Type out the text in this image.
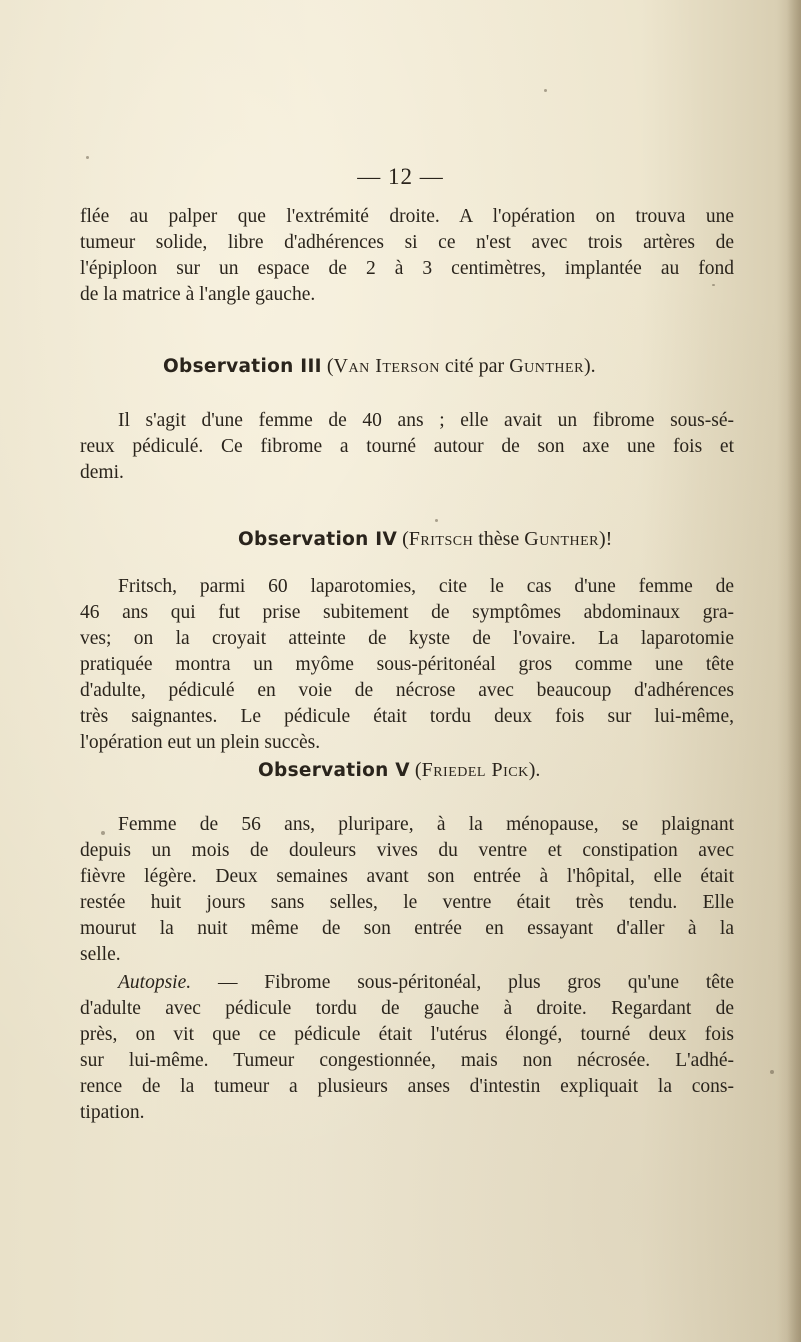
— 12 —
flée au palper que l'extrémité droite. A l'opération on trouva une
tumeur solide, libre d'adhérences si ce n'est avec trois artères de
l'épiploon sur un espace de 2 à 3 centimètres, implantée au fond
de la matrice à l'angle gauche.
Observation III (Van Iterson cité par Gunther).
Il s'agit d'une femme de 40 ans ; elle avait un fibrome sous-sé-
reux pédiculé. Ce fibrome a tourné autour de son axe une fois et
demi.
Observation IV (Fritsch thèse Gunther)!
Fritsch, parmi 60 laparotomies, cite le cas d'une femme de
46 ans qui fut prise subitement de symptômes abdominaux gra-
ves; on la croyait atteinte de kyste de l'ovaire. La laparotomie
pratiquée montra un myôme sous-péritonéal gros comme une tête
d'adulte, pédiculé en voie de nécrose avec beaucoup d'adhérences
très saignantes. Le pédicule était tordu deux fois sur lui-même,
l'opération eut un plein succès.
Observation V (Friedel Pick).
Femme de 56 ans, pluripare, à la ménopause, se plaignant
depuis un mois de douleurs vives du ventre et constipation avec
fièvre légère. Deux semaines avant son entrée à l'hôpital, elle était
restée huit jours sans selles, le ventre était très tendu. Elle
mourut la nuit même de son entrée en essayant d'aller à la
selle.
Autopsie. — Fibrome sous-péritonéal, plus gros qu'une tête
d'adulte avec pédicule tordu de gauche à droite. Regardant de
près, on vit que ce pédicule était l'utérus élongé, tourné deux fois
sur lui-même. Tumeur congestionnée, mais non nécrosée. L'adhé-
rence de la tumeur a plusieurs anses d'intestin expliquait la cons-
tipation.
